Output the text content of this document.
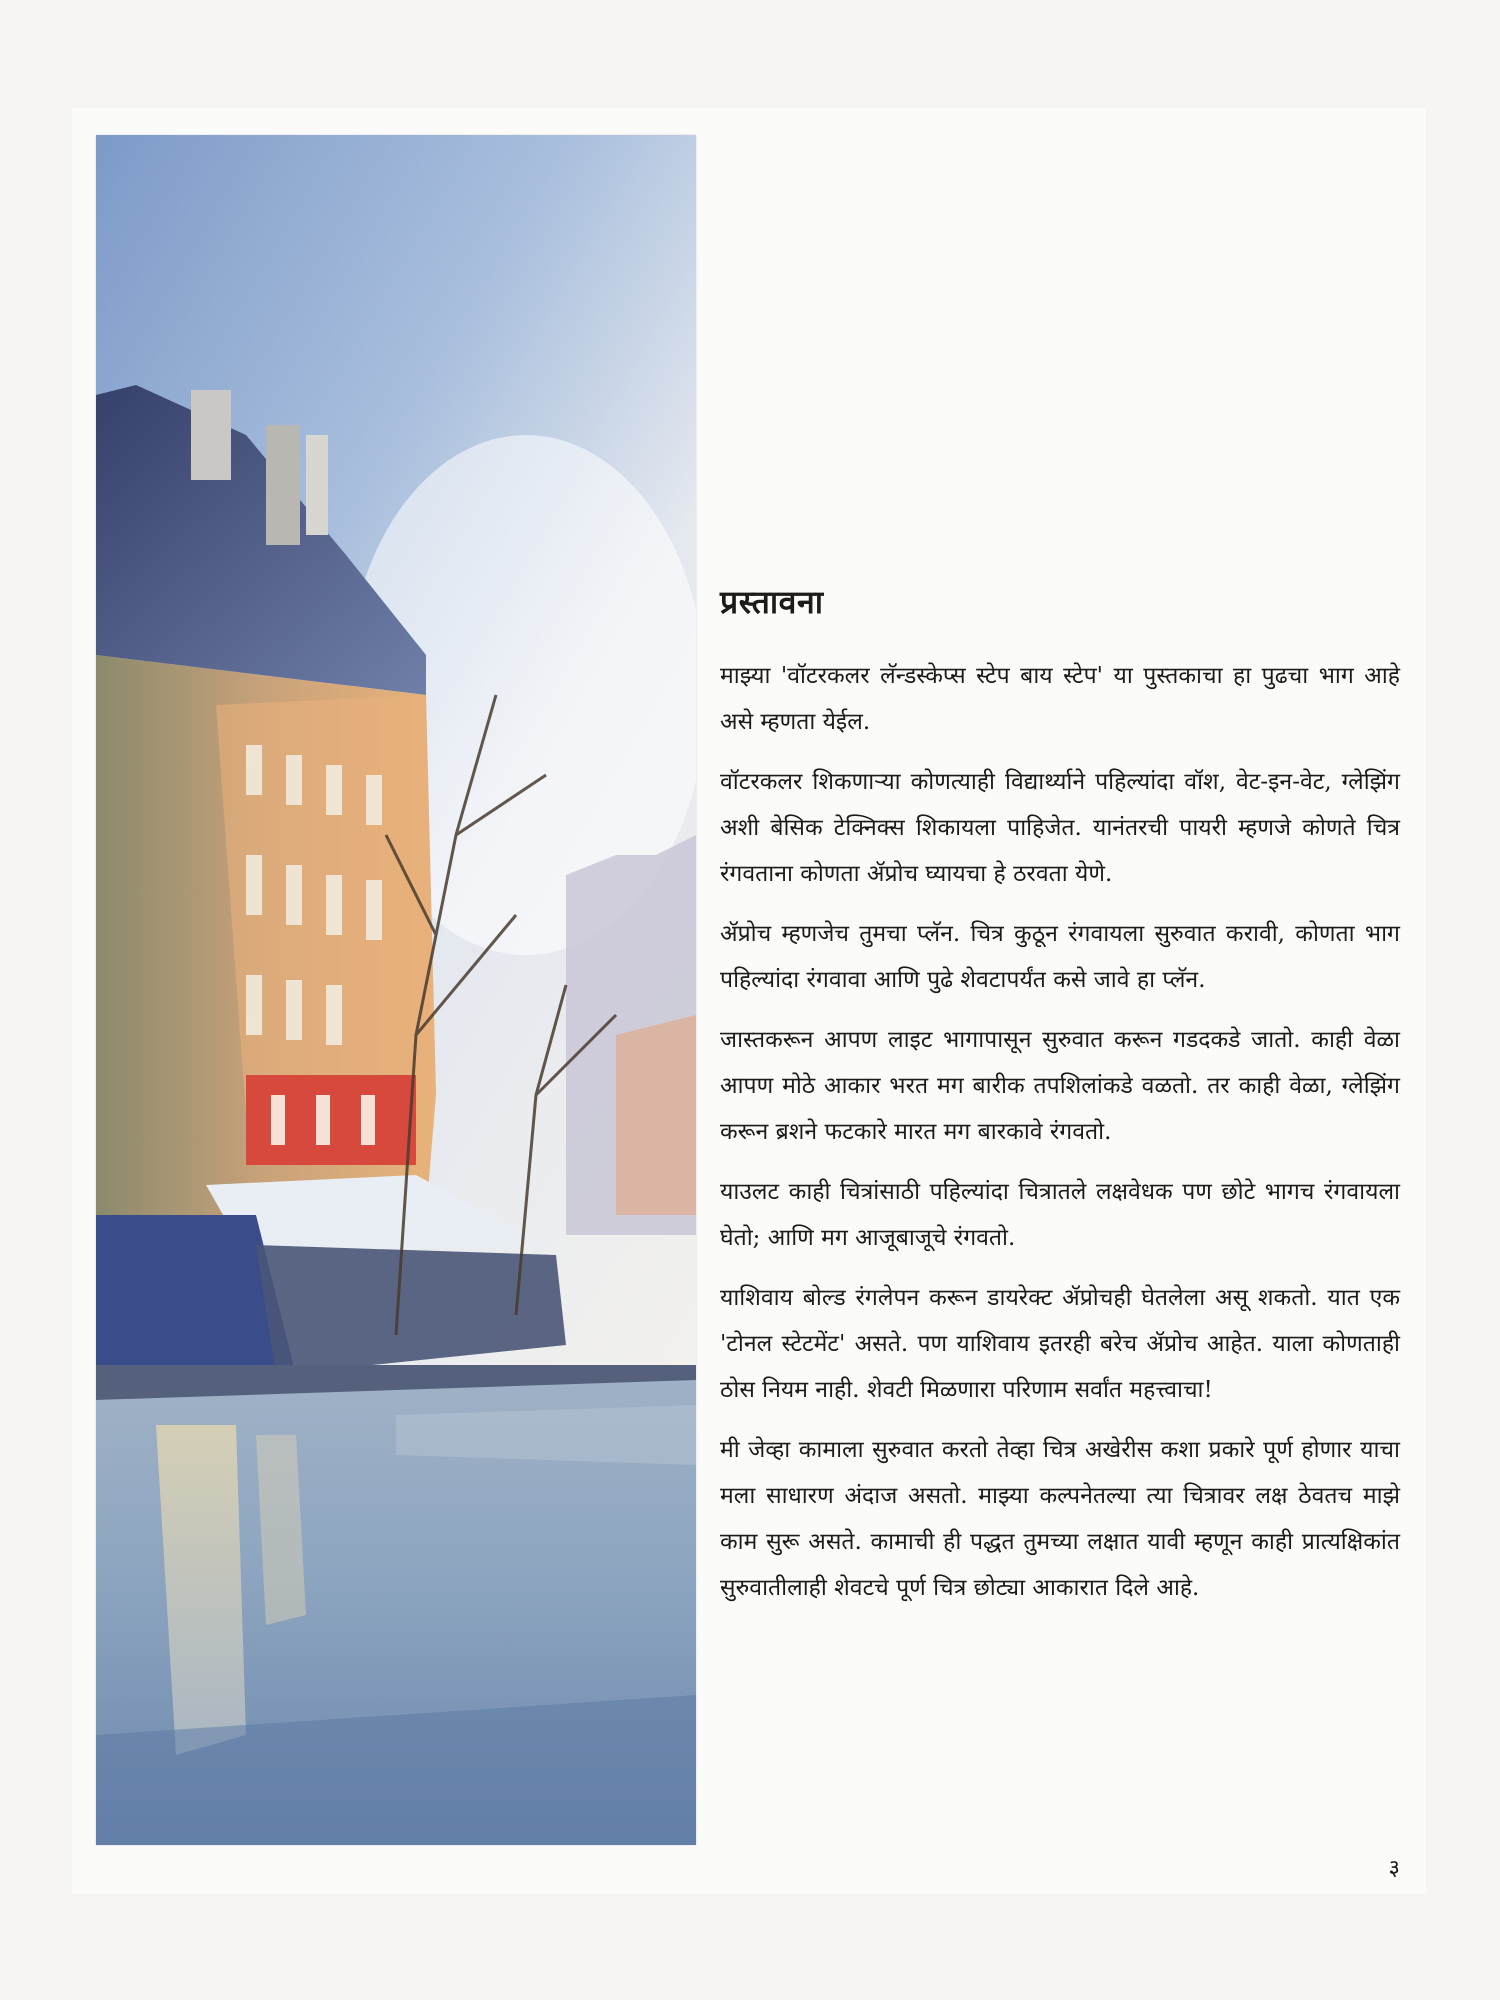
प्रस्तावना

माझ्या 'वॉटरकलर लॅन्डस्केप्स स्टेप बाय स्टेप' या पुस्तकाचा हा पुढचा भाग आहे असे म्हणता येईल.

वॉटरकलर शिकणाऱ्या कोणत्याही विद्यार्थ्याने पहिल्यांदा वॉश, वेट-इन-वेट, ग्लेझिंग अशी बेसिक टेक्निक्स शिकायला पाहिजेत. यानंतरची पायरी म्हणजे कोणते चित्र रंगवताना कोणता ॲप्रोच घ्यायचा हे ठरवता येणे.

ॲप्रोच म्हणजेच तुमचा प्लॅन. चित्र कुठून रंगवायला सुरुवात करावी, कोणता भाग पहिल्यांदा रंगवावा आणि पुढे शेवटापर्यंत कसे जावे हा प्लॅन.

जास्तकरून आपण लाइट भागापासून सुरुवात करून गडदकडे जातो. काही वेळा आपण मोठे आकार भरत मग बारीक तपशिलांकडे वळतो. तर काही वेळा, ग्लेझिंग करून ब्रशने फटकारे मारत मग बारकावे रंगवतो.

याउलट काही चित्रांसाठी पहिल्यांदा चित्रातले लक्षवेधक पण छोटे भागच रंगवायला घेतो; आणि मग आजूबाजूचे रंगवतो.

याशिवाय बोल्ड रंगलेपन करून डायरेक्ट ॲप्रोचही घेतलेला असू शकतो. यात एक 'टोनल स्टेटमेंट' असते. पण याशिवाय इतरही बरेच ॲप्रोच आहेत. याला कोणताही ठोस नियम नाही. शेवटी मिळणारा परिणाम सर्वांत महत्त्वाचा!

मी जेव्हा कामाला सुरुवात करतो तेव्हा चित्र अखेरीस कशा प्रकारे पूर्ण होणार याचा मला साधारण अंदाज असतो. माझ्या कल्पनेतल्या त्या चित्रावर लक्ष ठेवतच माझे काम सुरू असते. कामाची ही पद्धत तुमच्या लक्षात यावी म्हणून काही प्रात्यक्षिकांत सुरुवातीलाही शेवटचे पूर्ण चित्र छोट्या आकारात दिले आहे.

३
